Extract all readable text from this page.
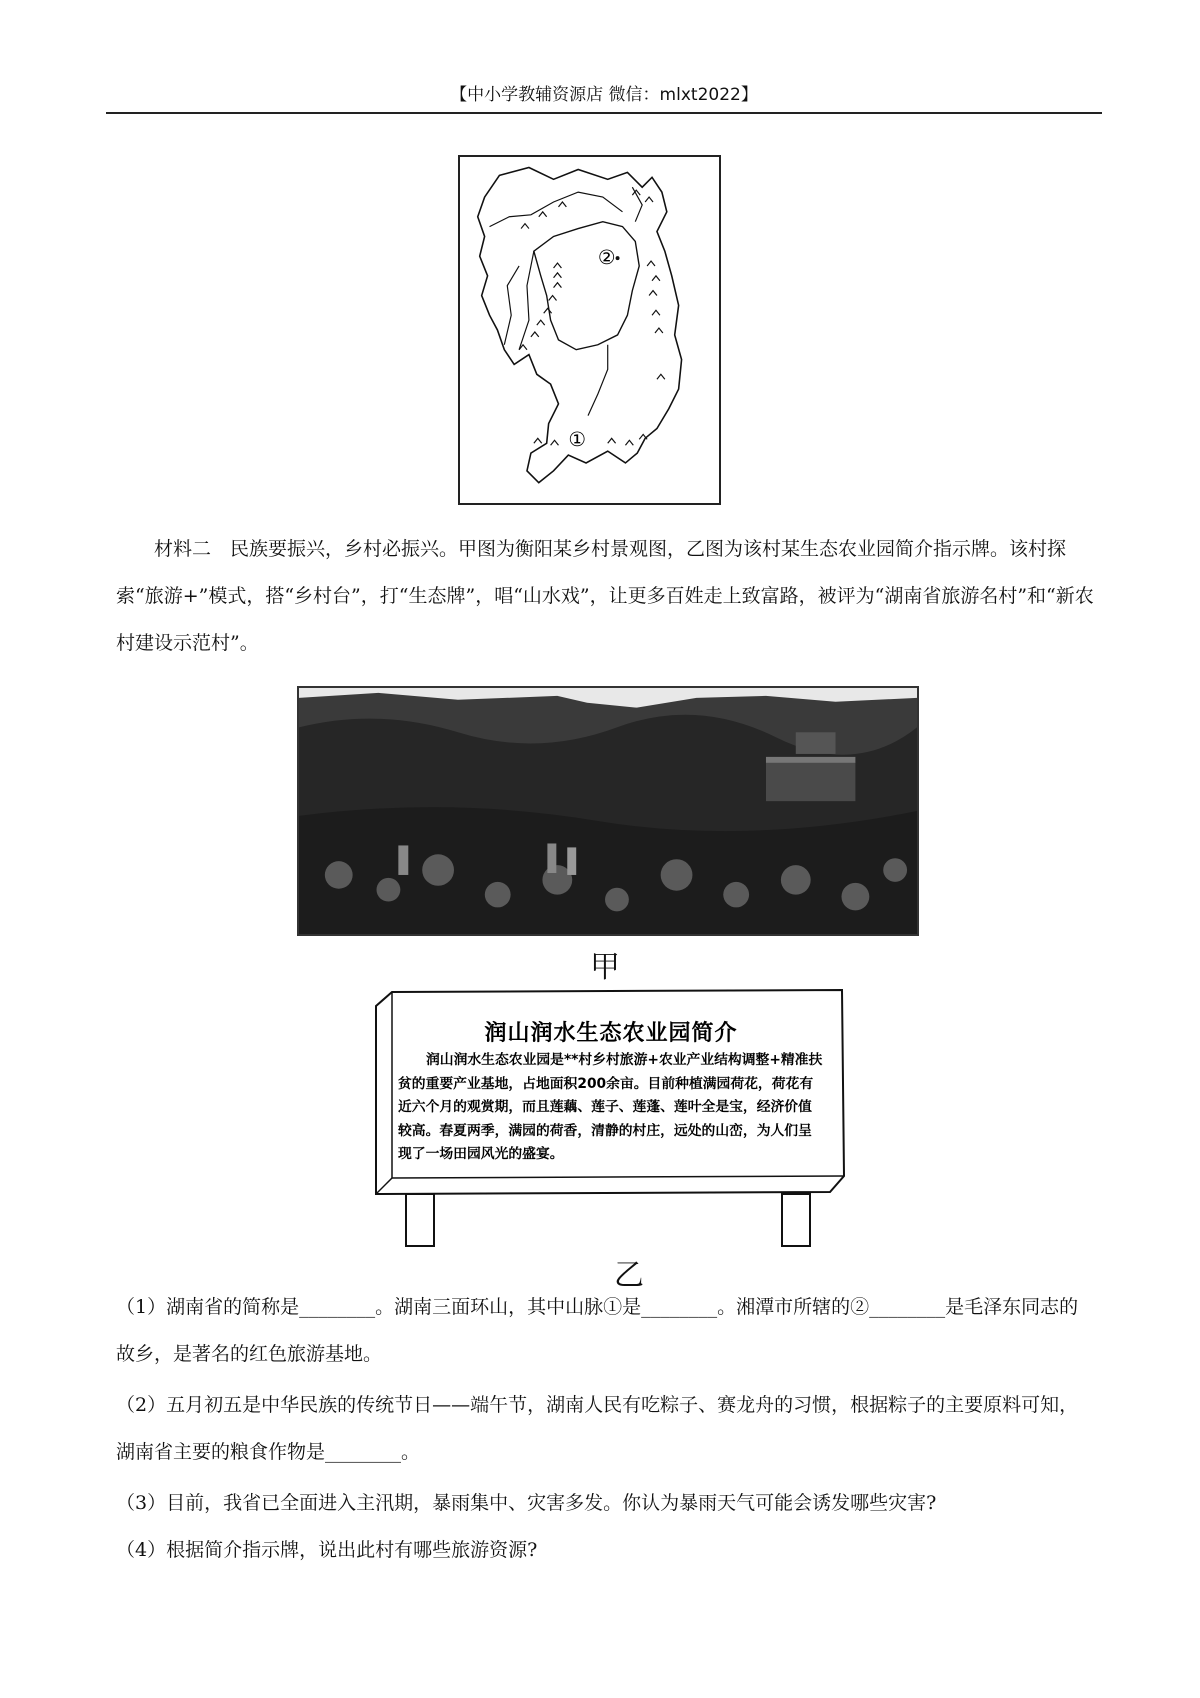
【中小学教辅资源店 微信：mlxt2022】
②
①

材料二　民族要振兴，乡村必振兴。甲图为衡阳某乡村景观图，乙图为该村某生态农业园简介指示牌。该村探索“旅游+”模式，搭“乡村台”，打“生态牌”，唱“山水戏”，让更多百姓走上致富路，被评为“湖南省旅游名村”和“新农村建设示范村”。

甲
润山润水生态农业园简介
润山润水生态农业园是**村乡村旅游+农业产业结构调整+精准扶贫的重要产业基地，占地面积200余亩。目前种植满园荷花，荷花有近六个月的观赏期，而且莲藕、莲子、莲蓬、莲叶全是宝，经济价值较高。春夏两季，满园的荷香，清静的村庄，远处的山峦，为人们呈现了一场田园风光的盛宴。
乙

（1）湖南省的简称是________。湖南三面环山，其中山脉①是________。湘潭市所辖的②________是毛泽东同志的故乡，是著名的红色旅游基地。

（2）五月初五是中华民族的传统节日——端午节，湖南人民有吃粽子、赛龙舟的习惯，根据粽子的主要原料可知，湖南省主要的粮食作物是________。

（3）目前，我省已全面进入主汛期，暴雨集中、灾害多发。你认为暴雨天气可能会诱发哪些灾害?

（4）根据简介指示牌，说出此村有哪些旅游资源?
